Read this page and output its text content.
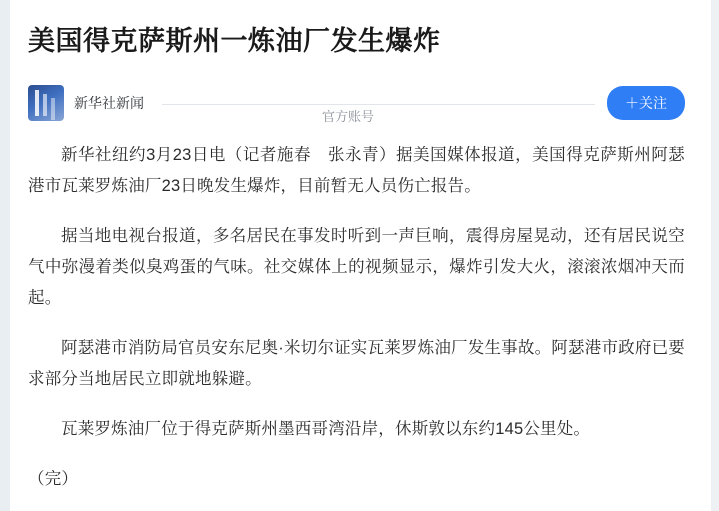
美国得克萨斯州一炼油厂发生爆炸
新华社新闻
官方账号
＋关注

新华社纽约3月23日电（记者施春　张永青）据美国媒体报道，美国得克萨斯州阿瑟港市瓦莱罗炼油厂23日晚发生爆炸，目前暂无人员伤亡报告。

据当地电视台报道，多名居民在事发时听到一声巨响，震得房屋晃动，还有居民说空气中弥漫着类似臭鸡蛋的气味。社交媒体上的视频显示，爆炸引发大火，滚滚浓烟冲天而起。

阿瑟港市消防局官员安东尼奥·米切尔证实瓦莱罗炼油厂发生事故。阿瑟港市政府已要求部分当地居民立即就地躲避。

瓦莱罗炼油厂位于得克萨斯州墨西哥湾沿岸，休斯敦以东约145公里处。

（完）
